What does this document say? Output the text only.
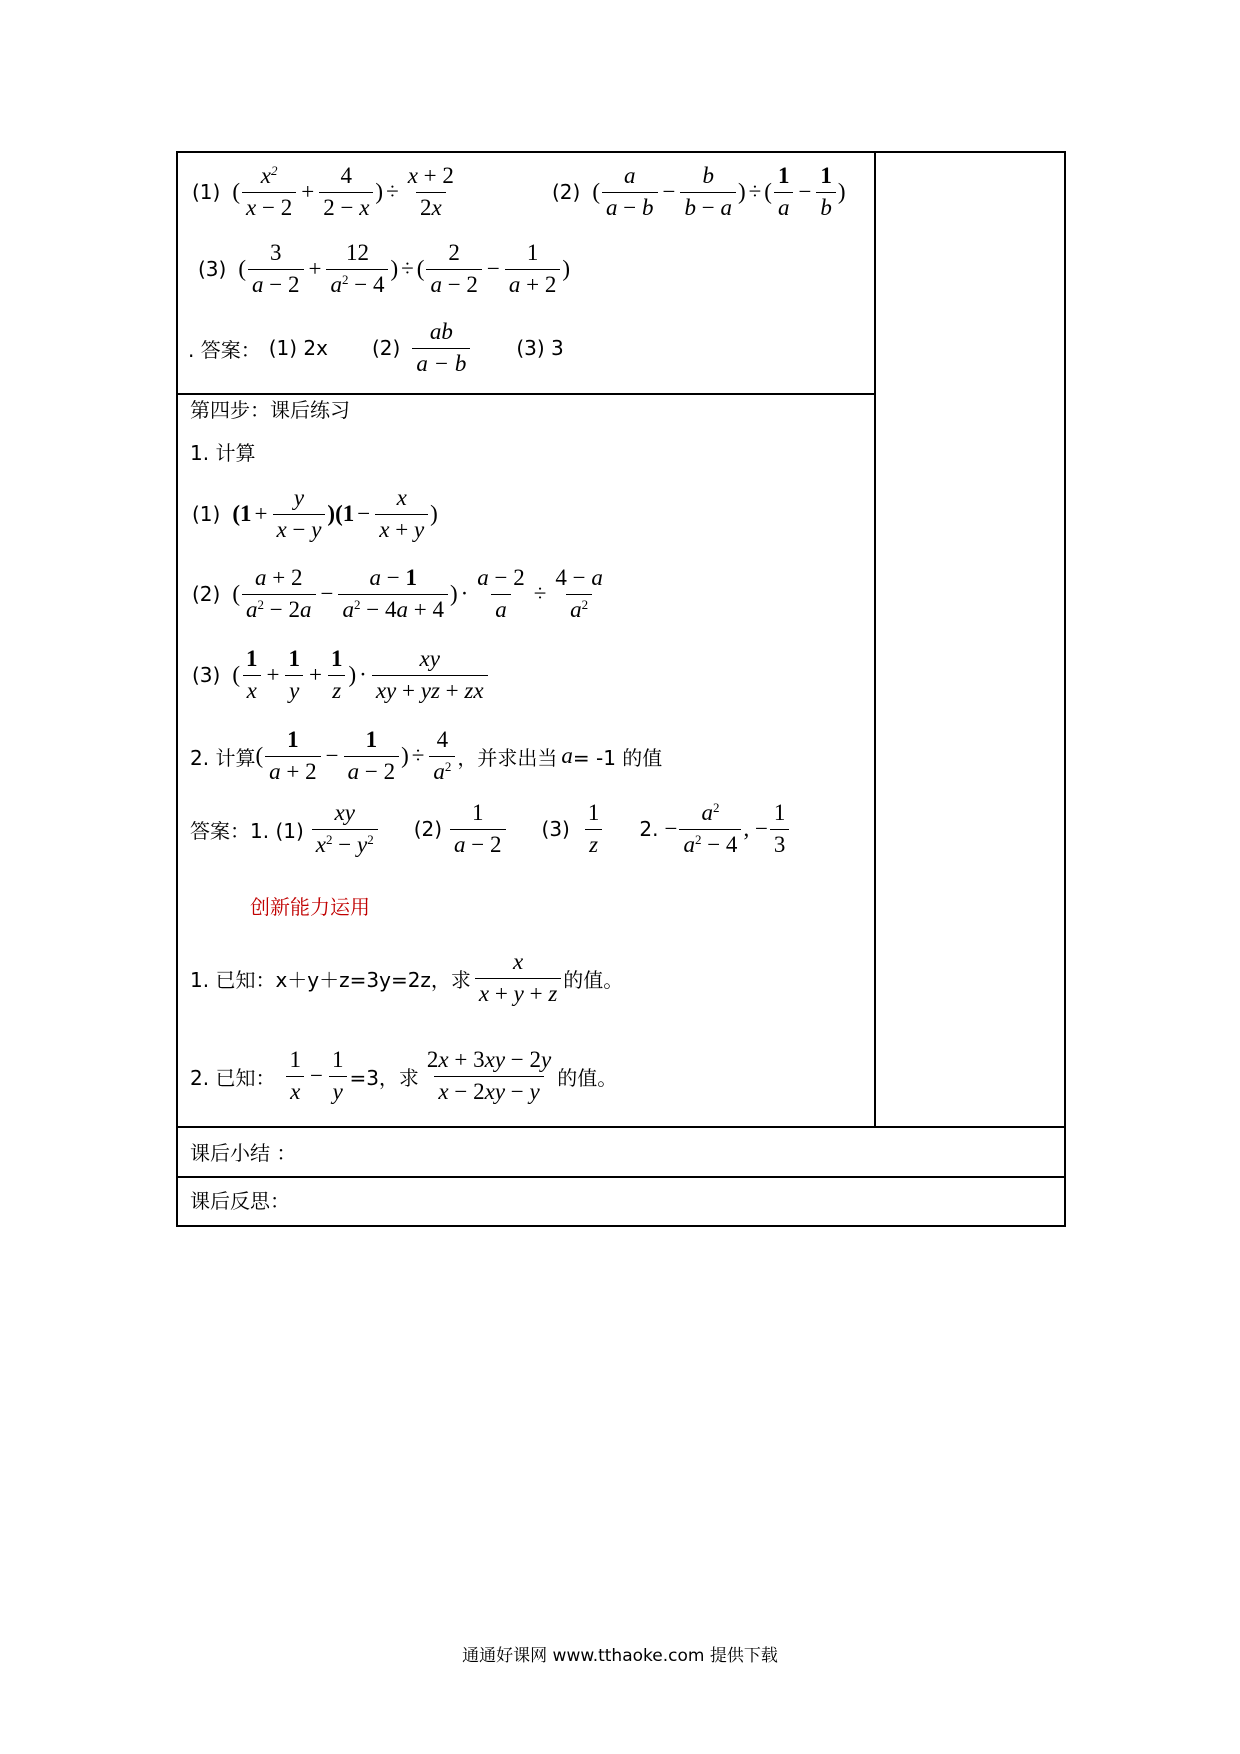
(1) ( $\frac{x^2}{x - 2} + \frac{4}{2 - x}$ ) ÷ $\frac{x + 2}{2x}$	(2) ( $\frac{a}{a - b} - \frac{b}{b - a}$ ) ÷ ( $\frac{1}{a} - \frac{1}{b}$ )
(3) ( $\frac{3}{a - 2} + \frac{12}{a^2 - 4}$ ) ÷ ( $\frac{2}{a - 2} - \frac{1}{a + 2}$ )
. 答案： (1) 2x $(2) \frac{ab}{a - b} (3)$ 3
第四步：课后练习
1. 计算
(1) $(1 + \frac{y}{x - y} )(1 - \frac{x}{x + y}$ )
(2) ( $\frac{a + 2}{a^2 - 2a} - \frac{a - 1}{a^2 - 4a + 4}$ ) · $\frac{a - 2}{a} \div \frac{4 - a}{a^2}$
(3) ( $\frac{1}{x} + \frac{1}{y} + \frac{1}{z}$ ) · $\frac{xy}{xy + yz + zx}$
2. 计算 ( $\frac{1}{a + 2} - \frac{1}{a - 2}$ ) ÷ $\frac{4}{a^2}$ ，并求出当 a = -1 的值
答案：1. $(1) \frac{xy}{x^2 - y^2} (2) \frac{1}{a - 2} (3) \frac{1}{z} 2$. − $\frac{a^2}{a^2 - 4}$ , − $\frac{1}{3}$
创新能力运用
1. 已知： x＋y＋z=3y=2z，求 $\frac{x}{x + y + z}$ 的值。
2. 已知： $\frac{1}{x} - \frac{1}{y} =3$，求 $\frac{2x + 3xy - 2y}{x - 2xy - y}$ 的值。
课后小结 ：
课后反思：
通通好课网 www.tthaoke.com 提供下载
